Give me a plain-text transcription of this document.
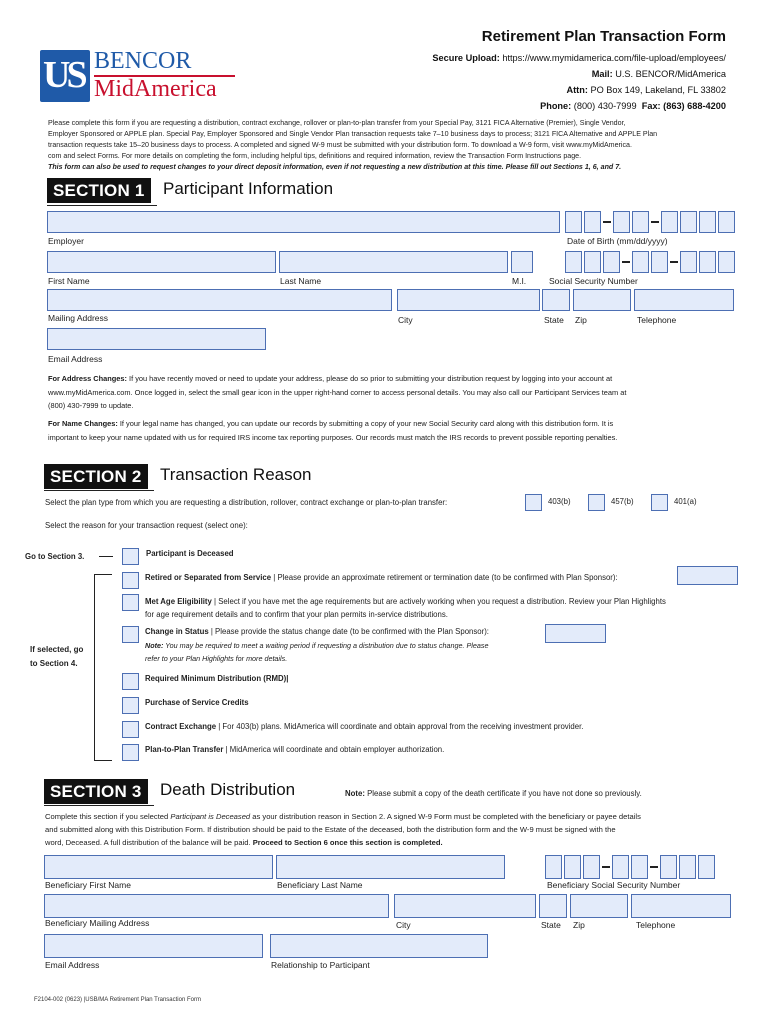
US BENCOR
MidAmerica
Retirement Plan Transaction Form
Secure Upload: https://www.mymidamerica.com/file-upload/employees/
Mail: U.S. BENCOR/MidAmerica
Attn: PO Box 149, Lakeland, FL 33802
Phone: (800) 430-7999 Fax: (863) 688-4200
Please complete this form if you are requesting a distribution, contract exchange, rollover or plan-to-plan transfer from your Special Pay, 3121 FICA Alternative (Premier), Single Vendor,
Employer Sponsored or APPLE plan. Special Pay, Employer Sponsored and Single Vendor Plan transaction requests take 7–10 business days to process; 3121 FICA Alternative and APPLE Plan
transaction requests take 15–20 business days to process. A completed and signed W-9 must be submitted with your distribution form. To download a W-9 form, visit www.myMidAmerica.
com and select Forms. For more details on completing the form, including helpful tips, definitions and required information, review the Transaction Form Instructions page.
This form can also be used to request changes to your direct deposit information, even if not requesting a new distribution at this time. Please fill out Sections 1, 6, and 7.
SECTION 1	Participant Information
Employer	Date of Birth (mm/dd/yyyy)
First Name	Last Name	M.I.	Social Security Number
Mailing Address	City	State Zip	Telephone
Email Address
For Address Changes: If you have recently moved or need to update your address, please do so prior to submitting your distribution request by logging into your account at
www.myMidAmerica.com. Once logged in, select the small gear icon in the upper right-hand corner to access personal details. You may also call our Participant Services team at
(800) 430-7999 to update.
For Name Changes: If your legal name has changed, you can update our records by submitting a copy of your new Social Security card along with this distribution form. It is
important to keep your name updated with us for required IRS income tax reporting purposes. Our records must match the IRS records to prevent possible reporting penalties.
SECTION 2	Transaction Reason
Select the plan type from which you are requesting a distribution, rollover, contract exchange or plan-to-plan transfer:	403(b)	457(b)	401(a)
Select the reason for your transaction request (select one):
Go to Section 3.
If selected, go
to Section 4.
Participant is Deceased
Retired or Separated from Service | Please provide an approximate retirement or termination date (to be confirmed with Plan Sponsor):
Met Age Eligibility | Select if you have met the age requirements but are actively working when you request a distribution. Review your Plan Highlights
for age requirement details and to confirm that your plan permits in-service distributions.
Change in Status | Please provide the status change date (to be confirmed with the Plan Sponsor):
Note: You may be required to meet a waiting period if requesting a distribution due to status change. Please
refer to your Plan Highlights for more details.
Required Minimum Distribution (RMD)|
Purchase of Service Credits
Contract Exchange | For 403(b) plans. MidAmerica will coordinate and obtain approval from the receiving investment provider.
Plan-to-Plan Transfer | MidAmerica will coordinate and obtain employer authorization.
SECTION 3	Death Distribution	Note: Please submit a copy of the death certificate if you have not done so previously.
Complete this section if you selected Participant is Deceased as your distribution reason in Section 2. A signed W-9 Form must be completed with the beneficiary or payee details
and submitted along with this Distribution Form. If distribution should be paid to the Estate of the deceased, both the distribution form and the W-9 must be signed with the
word, Deceased. A full distribution of the balance will be paid. Proceed to Section 6 once this section is completed.
Beneficiary First Name	Beneficiary Last Name	Beneficiary Social Security Number
Beneficiary Mailing Address	City	State Zip	Telephone
Email Address	Relationship to Participant
F2104-002 (0623) |USB/MA Retirement Plan Transaction Form
